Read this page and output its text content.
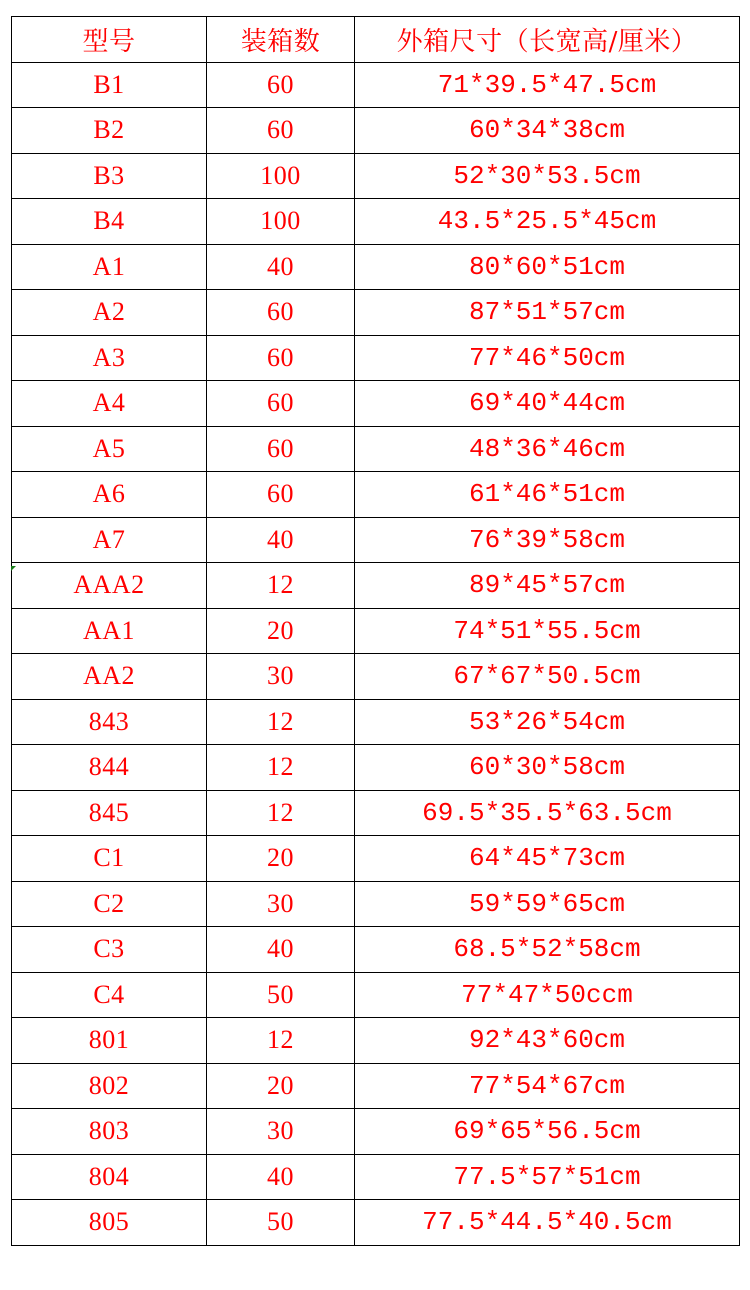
型号	装箱数	外箱尺寸（长宽高/厘米）
B1	60	71*39.5*47.5cm
B2	60	60*34*38cm
B3	100	52*30*53.5cm
B4	100	43.5*25.5*45cm
A1	40	80*60*51cm
A2	60	87*51*57cm
A3	60	77*46*50cm
A4	60	69*40*44cm
A5	60	48*36*46cm
A6	60	61*46*51cm
A7	40	76*39*58cm
AAA2	12	89*45*57cm
AA1	20	74*51*55.5cm
AA2	30	67*67*50.5cm
843	12	53*26*54cm
844	12	60*30*58cm
845	12	69.5*35.5*63.5cm
C1	20	64*45*73cm
C2	30	59*59*65cm
C3	40	68.5*52*58cm
C4	50	77*47*50ccm
801	12	92*43*60cm
802	20	77*54*67cm
803	30	69*65*56.5cm
804	40	77.5*57*51cm
805	50	77.5*44.5*40.5cm
